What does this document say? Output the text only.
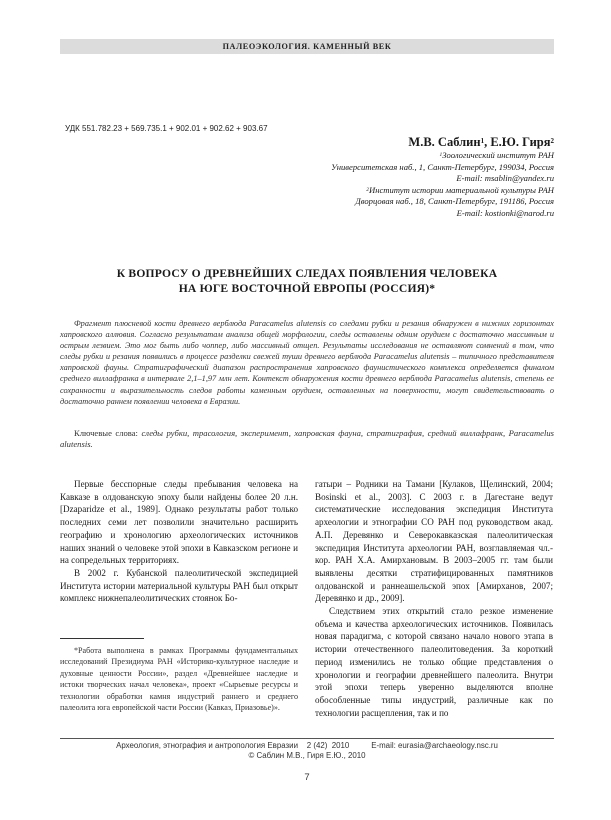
ПАЛЕОЭКОЛОГИЯ. КАМЕННЫЙ ВЕК
УДК 551.782.23 + 569.735.1 + 902.01 + 902.62 + 903.67
М.В. Саблин$^1$, Е.Ю. Гиря$^2$
$^1$Зоологический институт РАН
Университетская наб., 1, Санкт-Петербург, 199034, Россия
E-mail: msablin@yandex.ru
$^2$Институт истории материальной культуры РАН
Дворцовая наб., 18, Санкт-Петербург, 191186, Россия
E-mail: kostionki@narod.ru
К ВОПРОСУ О ДРЕВНЕЙШИХ СЛЕДАХ ПОЯВЛЕНИЯ ЧЕЛОВЕКА
НА ЮГЕ ВОСТОЧНОЙ ЕВРОПЫ (РОССИЯ)*

Фрагмент плюсневой кости древнего верблюда Paracamelus alutensis со следами рубки и резания обнаружен в нижних горизонтах хапровского аллювия. Согласно результатам анализа общей морфологии, следы оставлены одним орудием с достаточно массивным и острым лезвием. Это мог быть либо чоппер, либо массивный отщеп. Результаты исследования не оставляют сомнений в том, что следы рубки и резания появились в процессе разделки свежей туши древнего верблюда Paracamelus alutensis – типичного представителя хапровской фауны. Стратиграфический диапазон распространения хапровского фаунистического комплекса определяется финалом среднего виллафранка в интервале 2,1–1,97 млн лет. Контекст обнаружения кости древнего верблюда Paracamelus alutensis, степень ее сохранности и выразительность следов работы каменным орудием, оставленных на поверхности, могут свидетельствовать о достаточно раннем появлении человека в Евразии.

Ключевые слова: следы рубки, трасология, эксперимент, хапровская фауна, стратиграфия, средний виллафранк, Paracamelus alutensis.

Первые бесспорные следы пребывания человека на Кавказе в олдованскую эпоху были найдены более 20 л.н. [Dzaparidze et al., 1989]. Однако результаты работ только последних семи лет позволили значительно расширить географию и хронологию археологических источников наших знаний о человеке этой эпохи в Кавказском регионе и на сопредельных территориях.

В 2002 г. Кубанской палеолитической экспедицией Института истории материальной культуры РАН был открыт комплекс нижнепалеолитических стоянок Бо-

гатыри – Родники на Тамани [Кулаков, Щелинский, 2004; Bosinski et al., 2003]. С 2003 г. в Дагестане ведут систематические исследования экспедиция Института археологии и этнографии СО РАН под руководством акад. А.П. Деревянко и Северокавказская палеолитическая экспедиция Института археологии РАН, возглавляемая чл.-кор. РАН Х.А. Амирхановым. В 2003–2005 гг. там были выявлены десятки стратифицированных памятников олдованской и раннеашельской эпох [Амирханов, 2007; Деревянко и др., 2009].

Следствием этих открытий стало резкое изменение объема и качества археологических источников. Появилась новая парадигма, с которой связано начало нового этапа в истории отечественного палеолитоведения. За короткий период изменились не только общие представления о хронологии и географии древнейшего палеолита. Внутри этой эпохи теперь уверенно выделяются вполне обособленные типы индустрий, различные как по технологии расщепления, так и по

*Работа выполнена в рамках Программы фундаментальных исследований Президиума РАН «Историко-культурное наследие и духовные ценности России», раздел «Древнейшее наследие и истоки творческих начал человека», проект «Сырьевые ресурсы и технологии обработки камня индустрий раннего и среднего палеолита юга европейской части России (Кавказ, Приазовье)».

Археология, этнография и антропология Евразии    2 (42)  2010          E-mail: eurasia@archaeology.nsc.ru
© Саблин М.В., Гиря Е.Ю., 2010
7
